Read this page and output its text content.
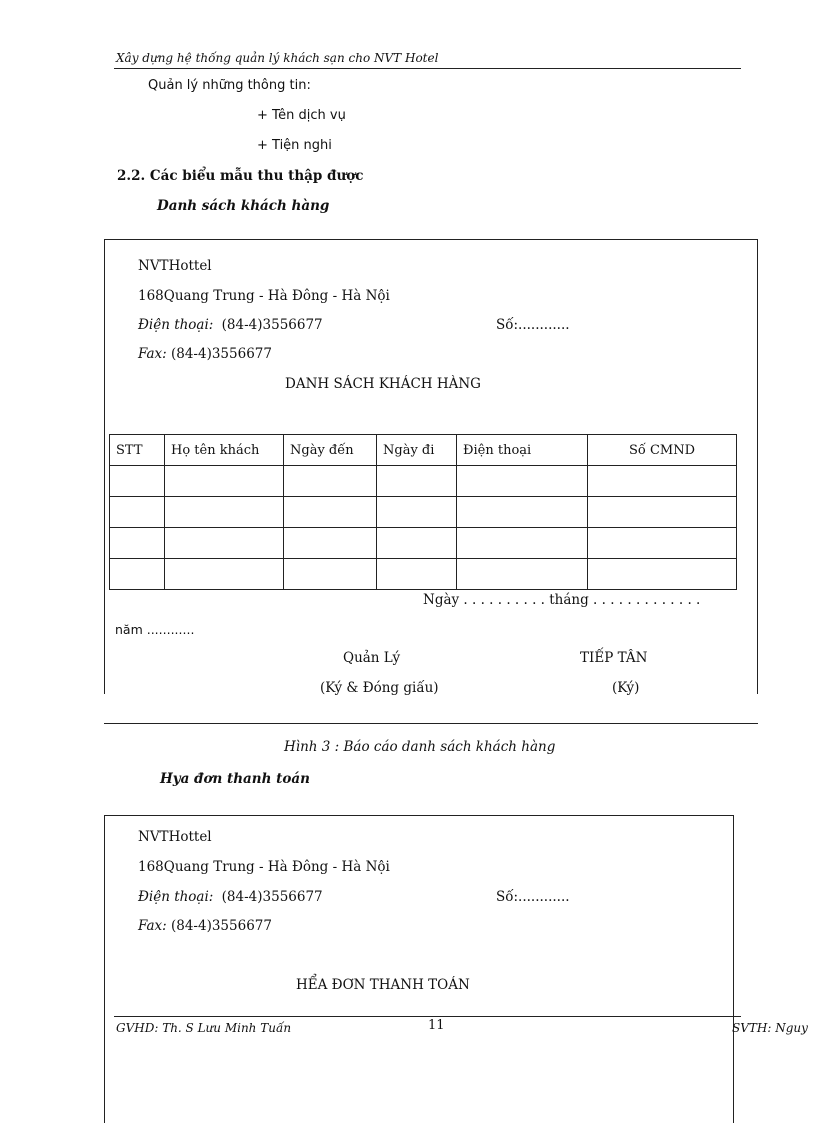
Xây dựng hệ thống quản lý khách sạn cho NVT Hotel
Quản lý những thông tin:
+ Tên dịch vụ
+ Tiện nghi
2.2. Các biểu mẫu thu thập được
Danh sách khách hàng
NVTHottel
168Quang Trung - Hà Đông - Hà Nội
Điện thoại: (84-4)3556677	Số:............
Fax: (84-4)3556677
DANH SÁCH KHÁCH HÀNG
STT	Họ tên khách	Ngày đến	Ngày đi	Điện thoại	Số CMND

Ngày . . . . . . . . . . tháng . . . . . . . . . . . . .
năm ............
Quản Lý	TIẾP TÂN
(Ký & Đóng giấu)	(Ký)
Hình 3 : Báo cáo danh sách khách hàng
Hya đơn thanh toán
NVTHottel
168Quang Trung - Hà Đông - Hà Nội
Điện thoại: (84-4)3556677	Số:............
Fax: (84-4)3556677
HỂA ĐƠN THANH TOÁN
GVHD: Th. S Lưu Minh Tuấn	11	SVTH: Nguy
